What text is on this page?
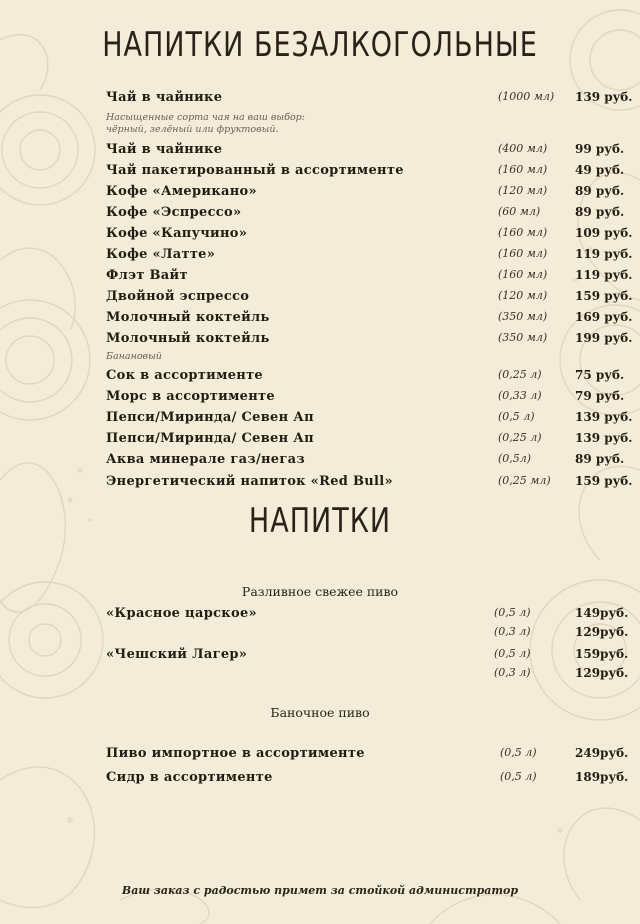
НАПИТКИ БЕЗАЛКОГОЛЬНЫЕ
НАПИТКИ
Разливное свежее пиво
Баночное пиво
Ваш заказ с радостью примет за стойкой администратор
Чай в чайнике	(1000 мл) 139 руб.
Насыщенные сорта чая на ваш выбор:
чёрный, зелёный или фруктовый.
Чай в чайнике	(400 мл) 99 руб.
Чай пакетированный в ассортименте	(160 мл) 49 руб.
Кофе «Американо»	(120 мл) 89 руб.
Кофе «Эспрессо»	(60 мл)	89 руб.
Кофе «Капучино»	(160 мл) 109 руб.
Кофе «Латте»	(160 мл) 119 руб.
Флэт Вайт	(160 мл) 119 руб.
Двойной эспрессо	(120 мл) 159 руб.
Молочный коктейль	(350 мл) 169 руб.
Молочный коктейль	(350 мл) 199 руб.
Банановый
Сок в ассортименте	(0,25 л)	75 руб.
Морс в ассортименте	(0,33 л)	79 руб.
Пепси/Миринда/ Севен Ап	(0,5 л)	139 руб.
Пепси/Миринда/ Севен Ап	(0,25 л)	139 руб.
Аква минерале газ/негаз	(0,5л)	89 руб.
Энергетический напиток «Red Bull»	(0,25 мл) 159 руб.
«Красное царское»	(0,5 л)	149руб.
(0,3 л)	129руб.
«Чешский Лагер»	(0,5 л)	159руб.
(0,3 л)	129руб.
Пиво импортное в ассортименте	(0,5 л)	249руб.
Сидр в ассортименте	(0,5 л)	189руб.
